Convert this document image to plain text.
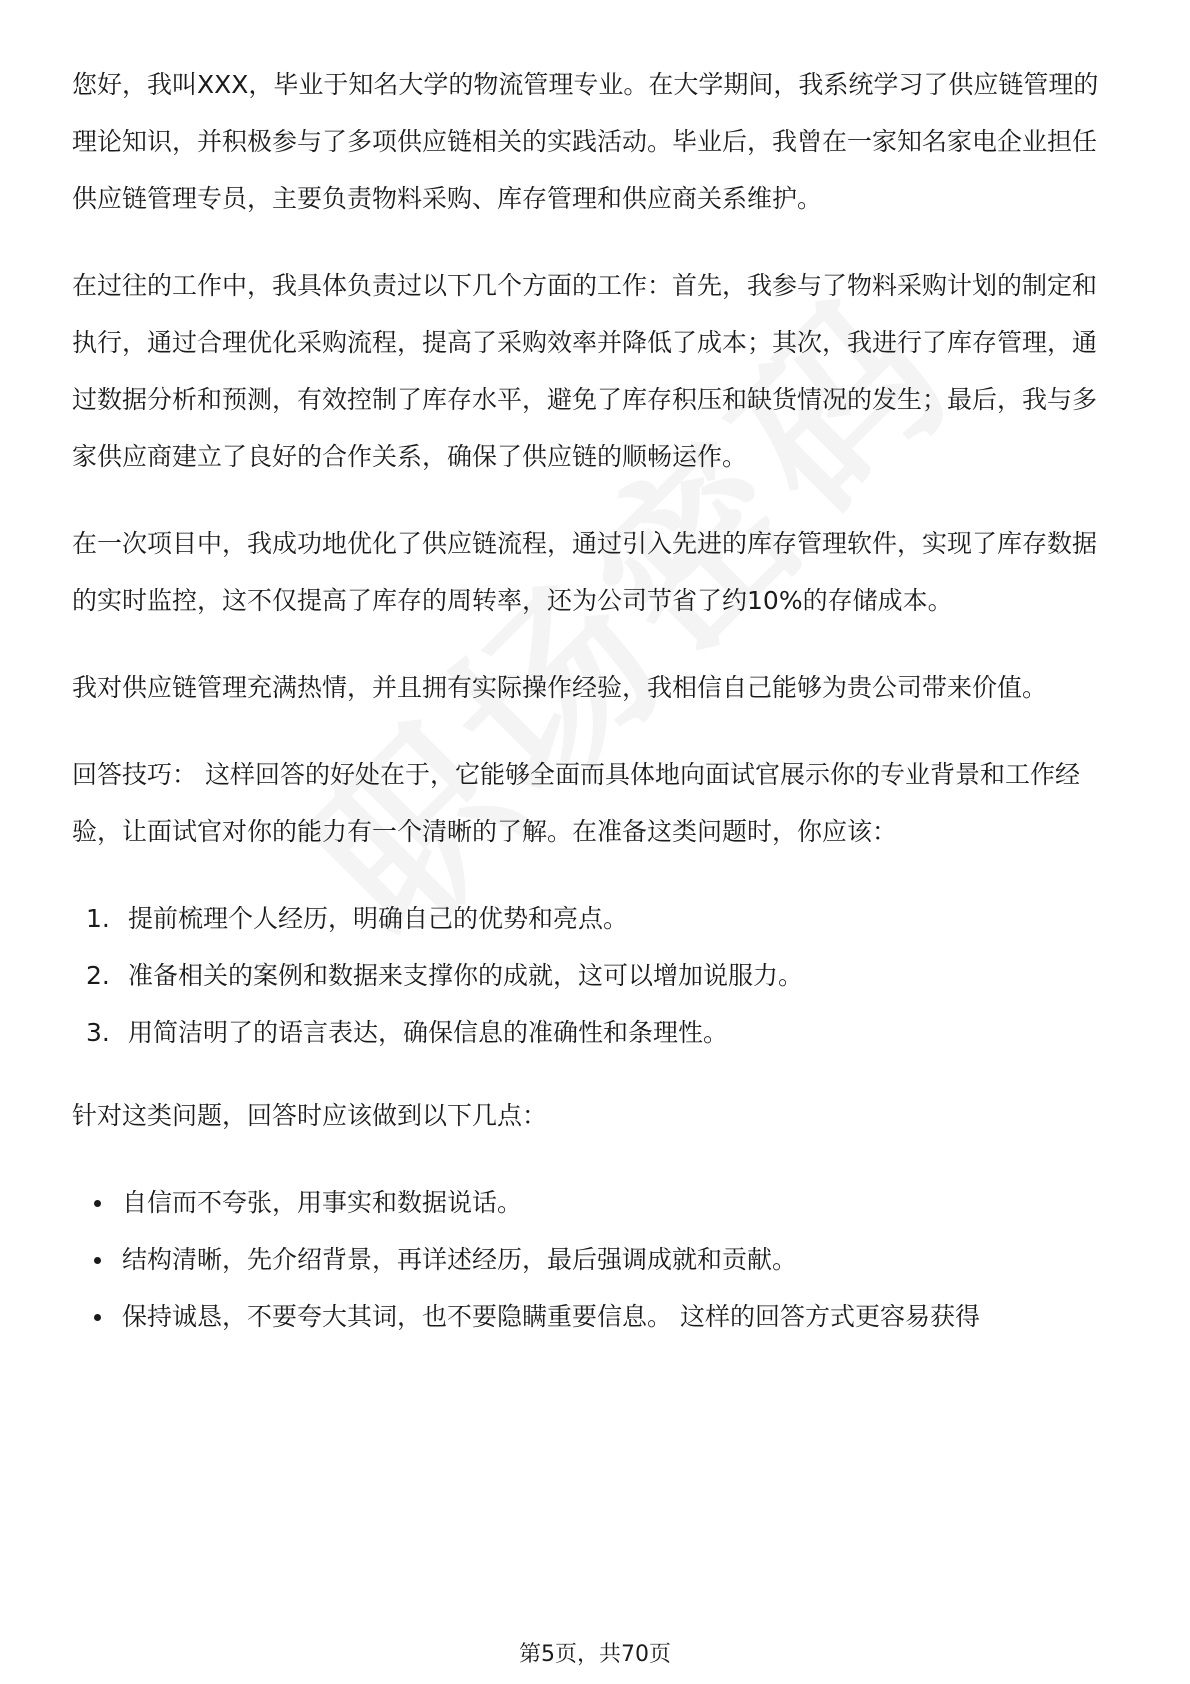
您好，我叫XXX，毕业于知名大学的物流管理专业。在大学期间，我系统学习了供应链管理的理论知识，并积极参与了多项供应链相关的实践活动。毕业后，我曾在一家知名家电企业担任供应链管理专员，主要负责物料采购、库存管理和供应商关系维护。

在过往的工作中，我具体负责过以下几个方面的工作：首先，我参与了物料采购计划的制定和执行，通过合理优化采购流程，提高了采购效率并降低了成本；其次，我进行了库存管理，通过数据分析和预测，有效控制了库存水平，避免了库存积压和缺货情况的发生；最后，我与多家供应商建立了良好的合作关系，确保了供应链的顺畅运作。

在一次项目中，我成功地优化了供应链流程，通过引入先进的库存管理软件，实现了库存数据的实时监控，这不仅提高了库存的周转率，还为公司节省了约10%的存储成本。

我对供应链管理充满热情，并且拥有实际操作经验，我相信自己能够为贵公司带来价值。

回答技巧： 这样回答的好处在于，它能够全面而具体地向面试官展示你的专业背景和工作经验，让面试官对你的能力有一个清晰的了解。在准备这类问题时，你应该：

1. 提前梳理个人经历，明确自己的优势和亮点。
2. 准备相关的案例和数据来支撑你的成就，这可以增加说服力。
3. 用简洁明了的语言表达，确保信息的准确性和条理性。

针对这类问题，回答时应该做到以下几点：

自信而不夸张，用事实和数据说话。
结构清晰，先介绍背景，再详述经历，最后强调成就和贡献。
保持诚恳，不要夸大其词，也不要隐瞒重要信息。 这样的回答方式更容易获得
第5页，共70页
